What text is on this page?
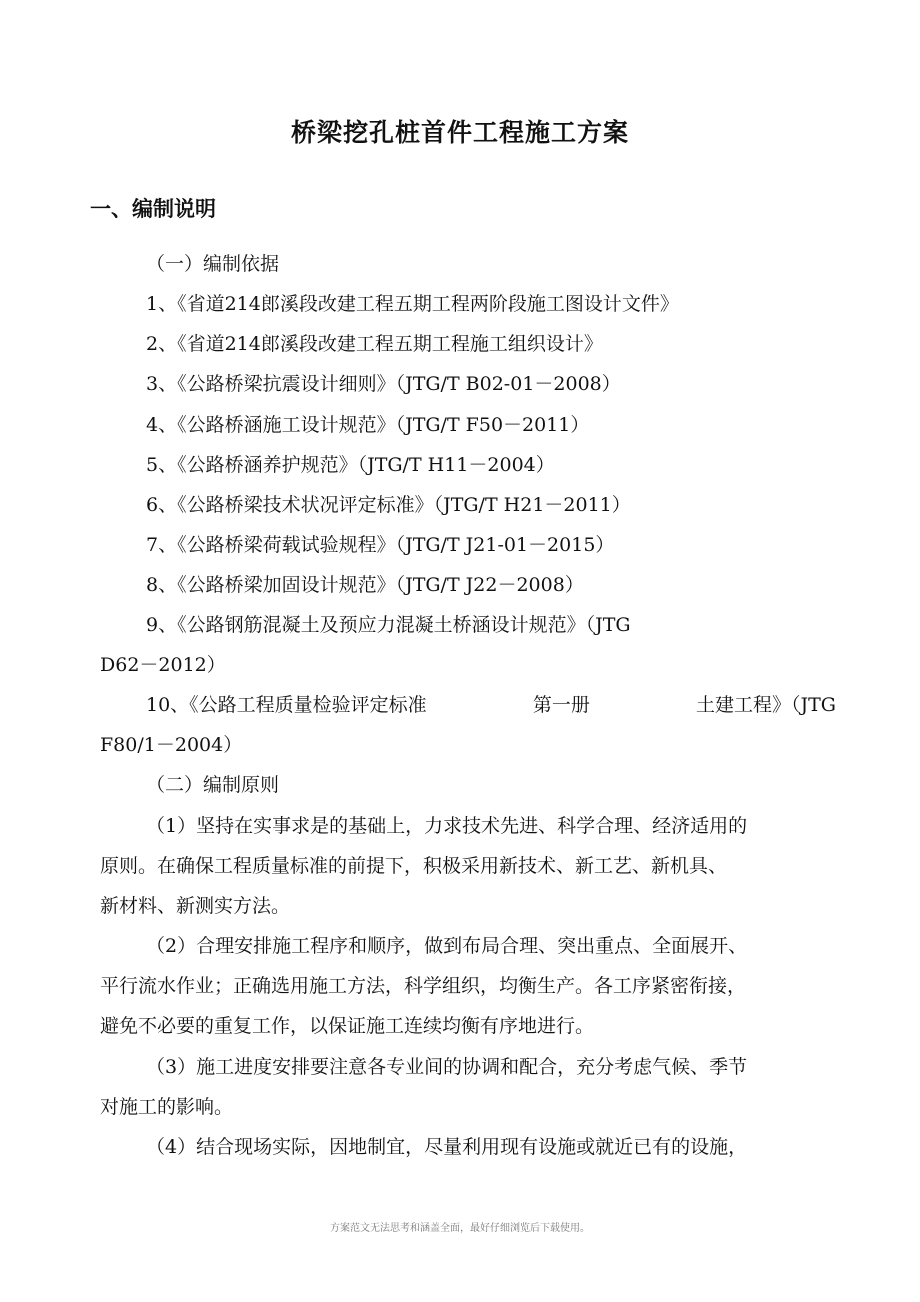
桥梁挖孔桩首件工程施工方案
一、编制说明

（一）编制依据

1、《省道214郎溪段改建工程五期工程两阶段施工图设计文件》

2、《省道214郎溪段改建工程五期工程施工组织设计》

3、《公路桥梁抗震设计细则》（JTG/T B02-01－2008）

4、《公路桥涵施工设计规范》（JTG/T F50－2011）

5、《公路桥涵养护规范》（JTG/T H11－2004）

6、《公路桥梁技术状况评定标准》（JTG/T H21－2011）

7、《公路桥梁荷载试验规程》（JTG/T J21-01－2015）

8、《公路桥梁加固设计规范》（JTG/T J22－2008）

9、《公路钢筋混凝土及预应力混凝土桥涵设计规范》（JTG

D62－2012）

10、《公路工程质量检验评定标准	第一册	土建工程》（JTG

F80/1－2004）

（二）编制原则

（1）坚持在实事求是的基础上，力求技术先进、科学合理、经济适用的

原则。在确保工程质量标准的前提下，积极采用新技术、新工艺、新机具、

新材料、新测实方法。

（2）合理安排施工程序和顺序，做到布局合理、突出重点、全面展开、

平行流水作业；正确选用施工方法，科学组织，均衡生产。各工序紧密衔接，

避免不必要的重复工作，以保证施工连续均衡有序地进行。

（3）施工进度安排要注意各专业间的协调和配合，充分考虑气候、季节

对施工的影响。

（4）结合现场实际，因地制宜，尽量利用现有设施或就近已有的设施，

方案范文无法思考和涵盖全面，最好仔细浏览后下载使用。
